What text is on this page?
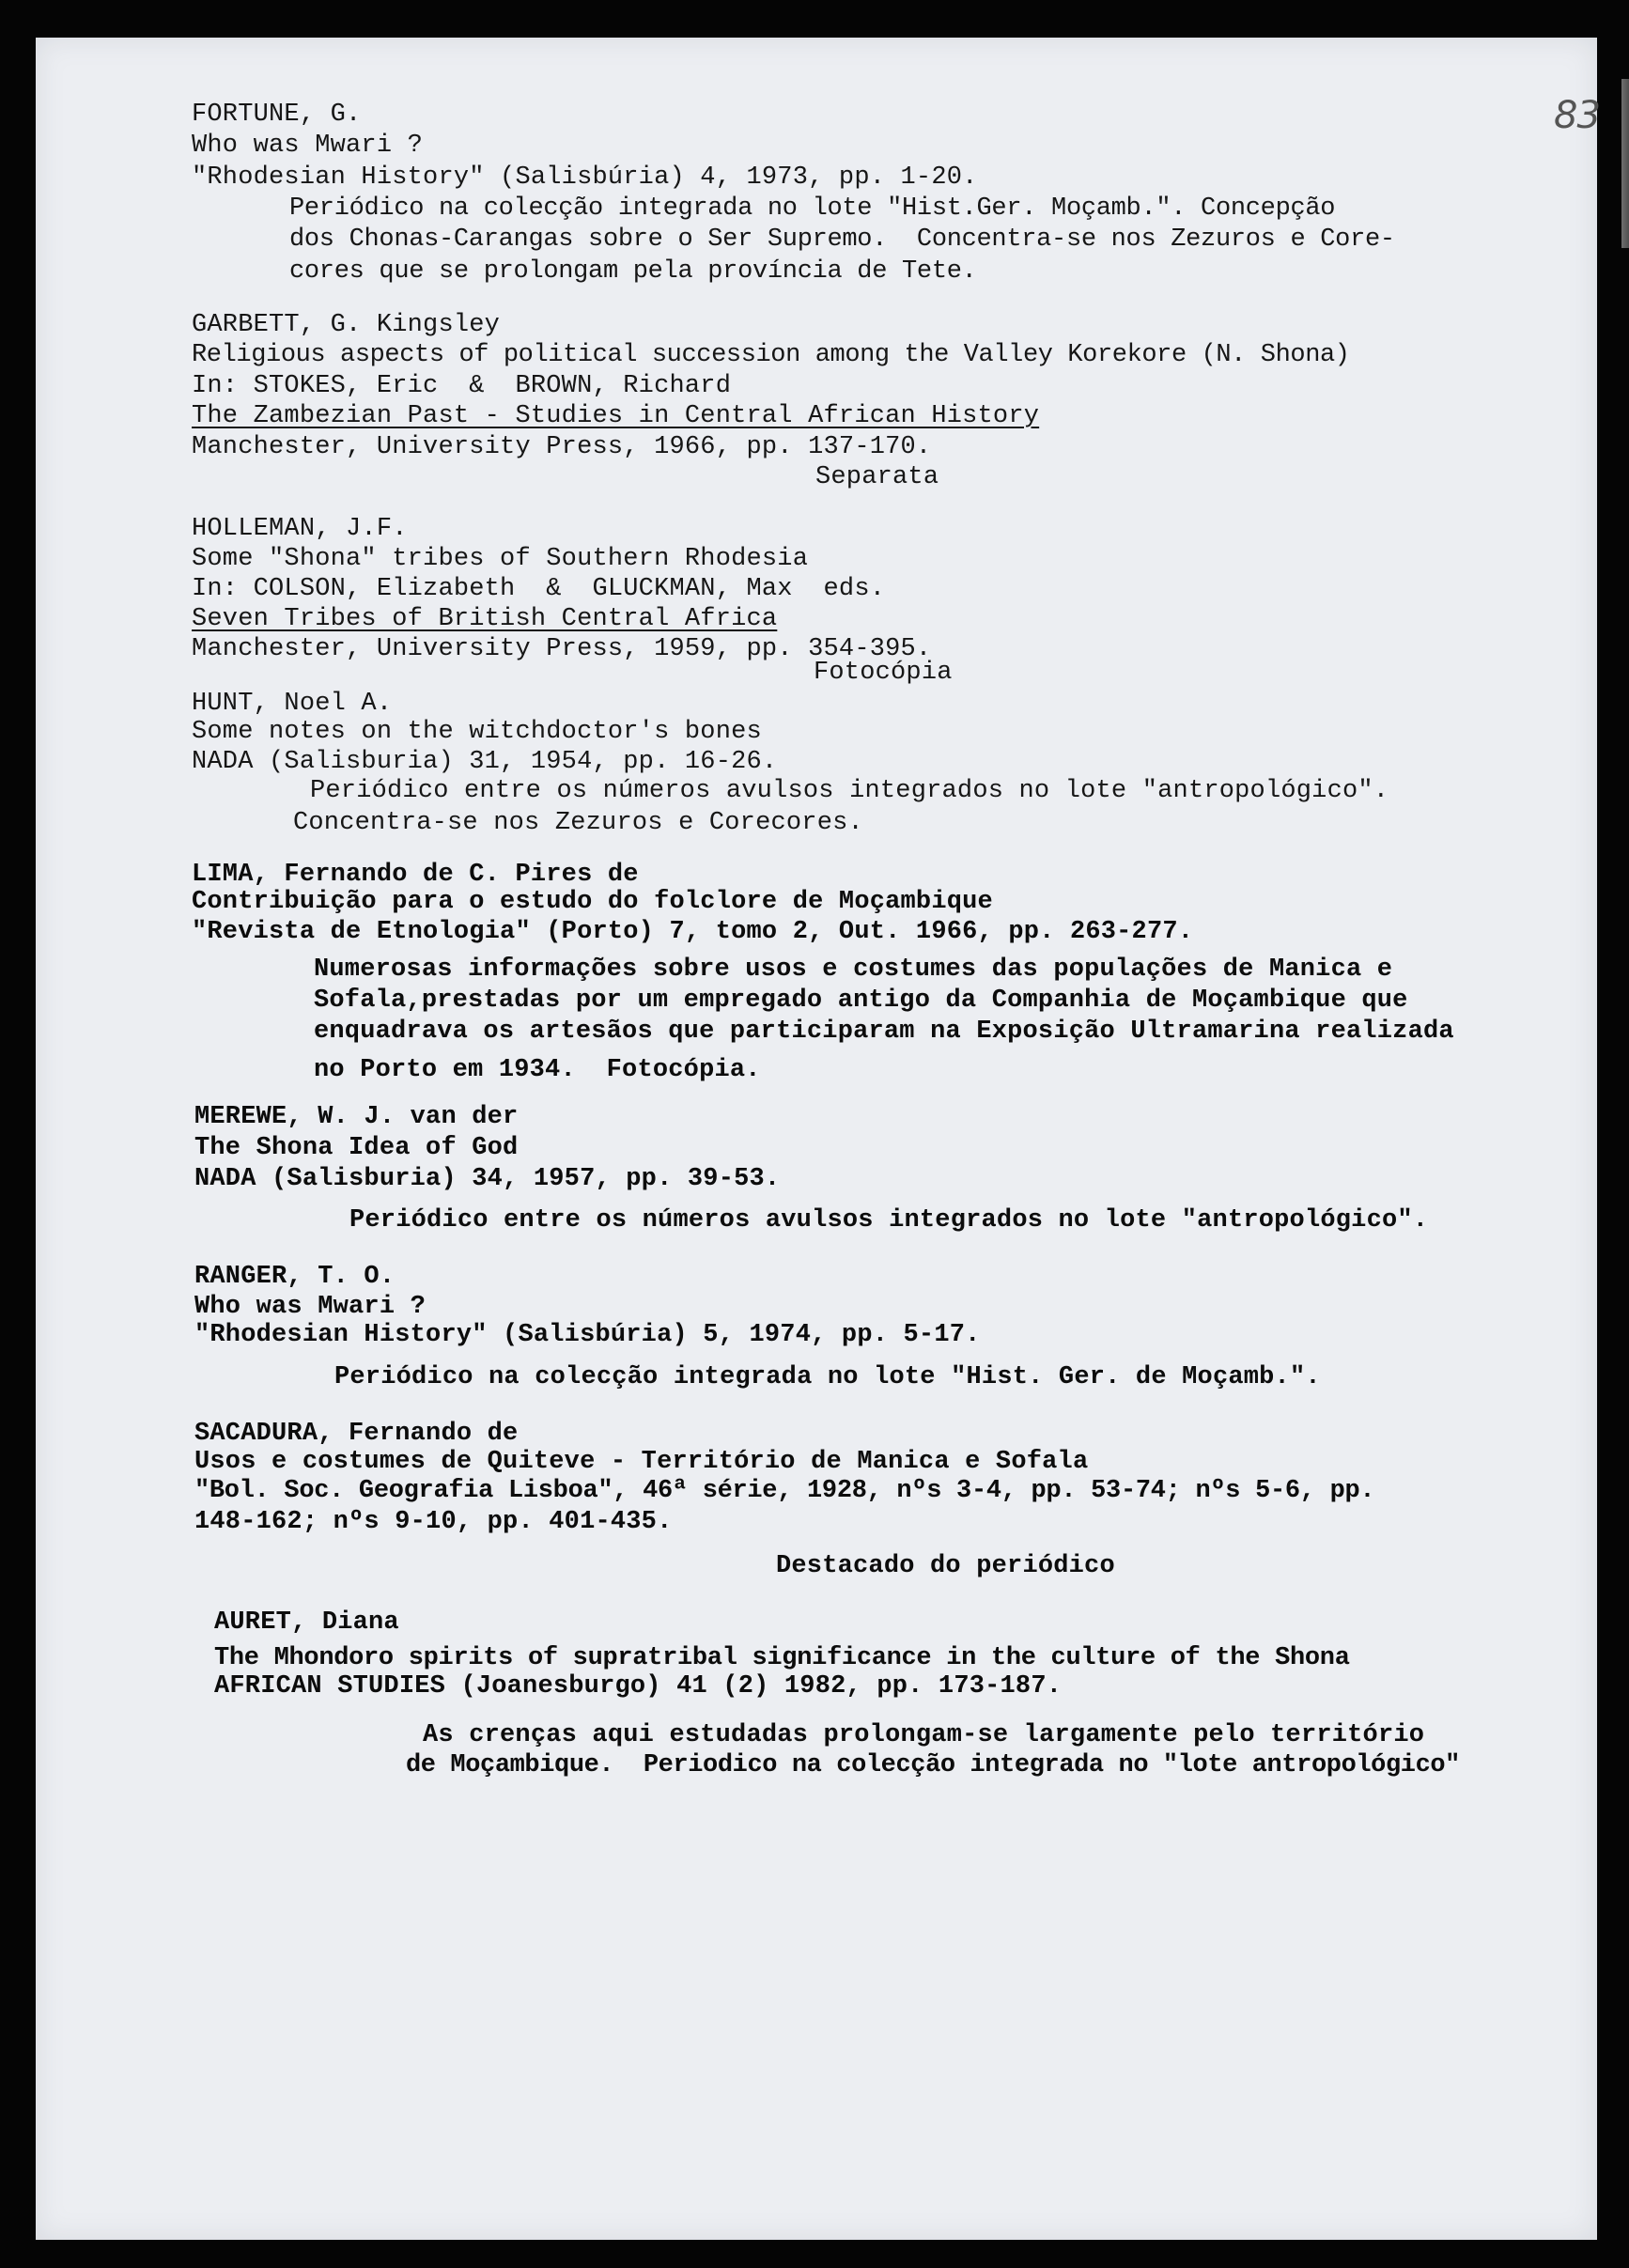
83
FORTUNE, G.
Who was Mwari ?
"Rhodesian History" (Salisbúria) 4, 1973, pp. 1-20.
Periódico na colecção integrada no lote "Hist.Ger. Moçamb.". Concepção
dos Chonas-Carangas sobre o Ser Supremo.  Concentra-se nos Zezuros e Core-
cores que se prolongam pela província de Tete.
GARBETT, G. Kingsley
Religious aspects of political succession among the Valley Korekore (N. Shona)
In: STOKES, Eric  &  BROWN, Richard
The Zambezian Past - Studies in Central African History
Manchester, University Press, 1966, pp. 137-170.
Separata
HOLLEMAN, J.F.
Some "Shona" tribes of Southern Rhodesia
In: COLSON, Elizabeth  &  GLUCKMAN, Max  eds.
Seven Tribes of British Central Africa
Manchester, University Press, 1959, pp. 354-395.
Fotocópia
HUNT, Noel A.
Some notes on the witchdoctor's bones
NADA (Salisburia) 31, 1954, pp. 16-26.
Periódico entre os números avulsos integrados no lote "antropológico".
Concentra-se nos Zezuros e Corecores.
LIMA, Fernando de C. Pires de
Contribuição para o estudo do folclore de Moçambique
"Revista de Etnologia" (Porto) 7, tomo 2, Out. 1966, pp. 263-277.
Numerosas informações sobre usos e costumes das populações de Manica e
Sofala,prestadas por um empregado antigo da Companhia de Moçambique que
enquadrava os artesãos que participaram na Exposição Ultramarina realizada
no Porto em 1934.  Fotocópia.
MEREWE, W. J. van der
The Shona Idea of God
NADA (Salisburia) 34, 1957, pp. 39-53.
Periódico entre os números avulsos integrados no lote "antropológico".
RANGER, T. O.
Who was Mwari ?
"Rhodesian History" (Salisbúria) 5, 1974, pp. 5-17.
Periódico na colecção integrada no lote "Hist. Ger. de Moçamb.".
SACADURA, Fernando de
Usos e costumes de Quiteve - Território de Manica e Sofala
"Bol. Soc. Geografia Lisboa", 46ª série, 1928, nºs 3-4, pp. 53-74; nºs 5-6, pp.
148-162; nºs 9-10, pp. 401-435.
Destacado do periódico
AURET, Diana
The Mhondoro spirits of supratribal significance in the culture of the Shona
AFRICAN STUDIES (Joanesburgo) 41 (2) 1982, pp. 173-187.
As crenças aqui estudadas prolongam-se largamente pelo território
de Moçambique.  Periodico na colecção integrada no "lote antropológico"
